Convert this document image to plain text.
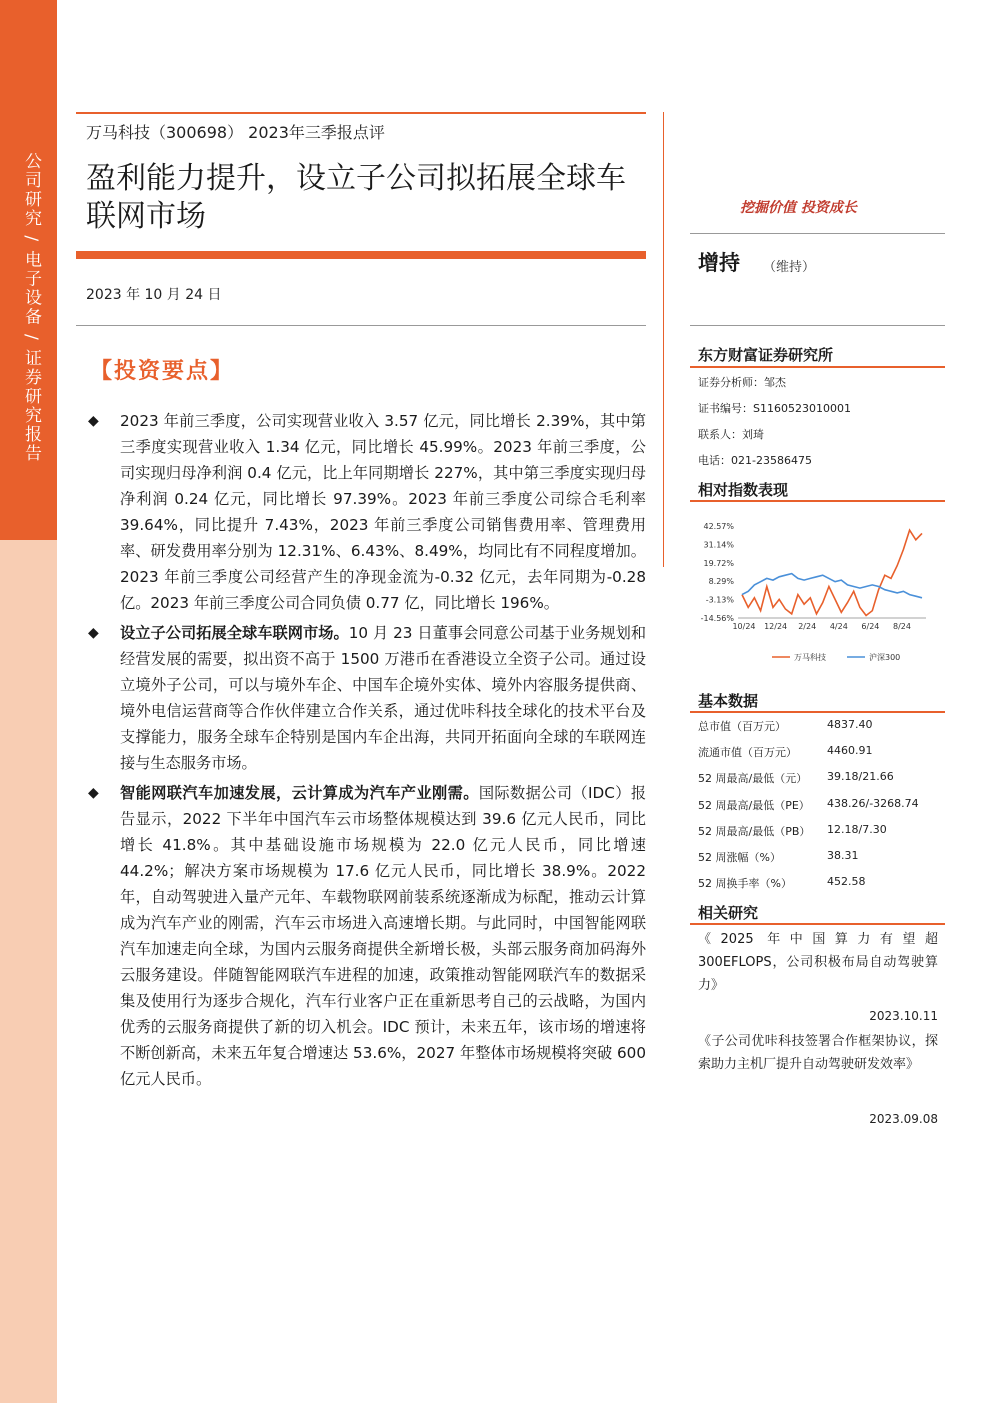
公司研究 / 电子设备 / 证券研究报告
万马科技（300698） 2023年三季报点评
盈利能力提升，设立子公司拟拓展全球车联网市场
2023 年 10 月 24 日
【投资要点】
◆ 2023 年前三季度，公司实现营业收入 3.57 亿元，同比增长 2.39%，其中第三季度实现营业收入 1.34 亿元，同比增长 45.99%。2023 年前三季度，公司实现归母净利润 0.4 亿元，比上年同期增长 227%，其中第三季度实现归母净利润 0.24 亿元，同比增长 97.39%。2023 年前三季度公司综合毛利率 39.64%，同比提升 7.43%，2023 年前三季度公司销售费用率、管理费用率、研发费用率分别为 12.31%、6.43%、8.49%，均同比有不同程度增加。2023 年前三季度公司经营产生的净现金流为-0.32 亿元，去年同期为-0.28 亿。2023 年前三季度公司合同负债 0.77 亿，同比增长 196%。
◆ 设立子公司拓展全球车联网市场。10 月 23 日董事会同意公司基于业务规划和经营发展的需要，拟出资不高于 1500 万港币在香港设立全资子公司。通过设立境外子公司，可以与境外车企、中国车企境外实体、境外内容服务提供商、境外电信运营商等合作伙伴建立合作关系，通过优咔科技全球化的技术平台及支撑能力，服务全球车企特别是国内车企出海，共同开拓面向全球的车联网连接与生态服务市场。
◆ 智能网联汽车加速发展，云计算成为汽车产业刚需。国际数据公司（IDC）报告显示，2022 下半年中国汽车云市场整体规模达到 39.6 亿元人民币，同比增长 41.8%。其中基础设施市场规模为 22.0 亿元人民币，同比增速 44.2%；解决方案市场规模为 17.6 亿元人民币，同比增长 38.9%。2022 年，自动驾驶进入量产元年、车载物联网前装系统逐渐成为标配，推动云计算成为汽车产业的刚需，汽车云市场进入高速增长期。与此同时，中国智能网联汽车加速走向全球，为国内云服务商提供全新增长极，头部云服务商加码海外云服务建设。伴随智能网联汽车进程的加速，政策推动智能网联汽车的数据采集及使用行为逐步合规化，汽车行业客户正在重新思考自己的云战略，为国内优秀的云服务商提供了新的切入机会。IDC 预计，未来五年，该市场的增速将不断创新高，未来五年复合增速达 53.6%，2027 年整体市场规模将突破 600 亿元人民币。
挖掘价值 投资成长
增持 （维持）
东方财富证券研究所
证券分析师：邹杰
证书编号：S1160523010001
联系人：刘琦
电话：021-23586475
相对指数表现
42.57%
31.14%
19.72%
8.29%
-3.13%
-14.56%
10/24 12/24 2/24 4/24 6/24 8/24
万马科技	沪深300
基本数据
总市值（百万元）	4837.40
流通市值（百万元）	4460.91
52 周最高/最低（元） 39.18/21.66
52 周最高/最低（PE） 438.26/-3268.74
52 周最高/最低（PB） 12.18/7.30
52 周涨幅（%）	38.31
52 周换手率（%）	452.58
相关研究
《2025 年中国算力有望超 300EFLOPS，公司积极布局自动驾驶算力》
2023.10.11
《子公司优咔科技签署合作框架协议，探索助力主机厂提升自动驾驶研发效率》
2023.09.08
